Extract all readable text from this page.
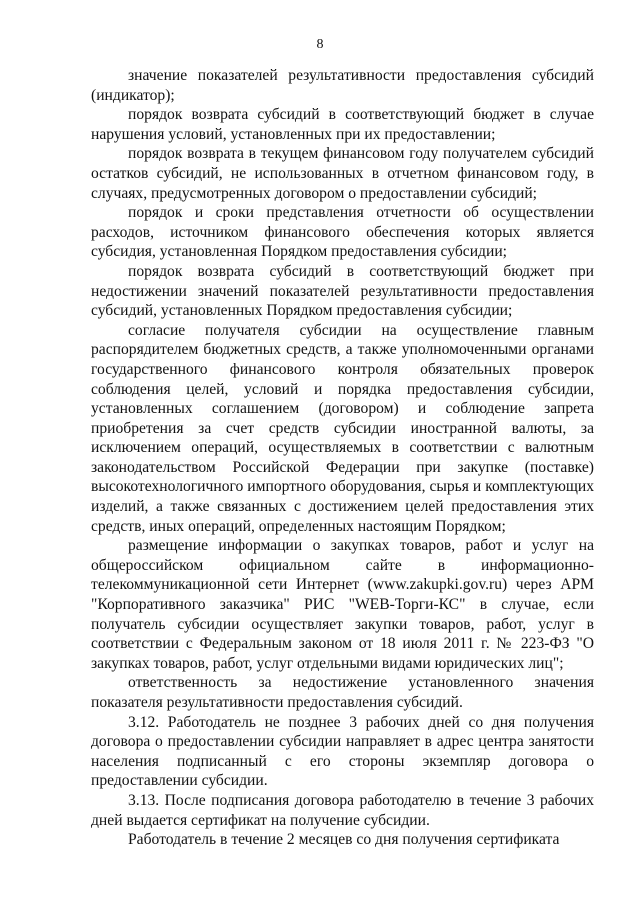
8

значение показателей результативности предоставления субсидий (индикатор);

порядок возврата субсидий в соответствующий бюджет в случае нарушения условий, установленных при их предоставлении;

порядок возврата в текущем финансовом году получателем субсидий остатков субсидий, не использованных в отчетном финансовом году, в случаях, предусмотренных договором о предоставлении субсидий;

порядок и сроки представления отчетности об осуществлении расходов, источником финансового обеспечения которых является субсидия, установленная Порядком предоставления субсидии;

порядок возврата субсидий в соответствующий бюджет при недостижении значений показателей результативности предоставления субсидий, установленных Порядком предоставления субсидии;

согласие получателя субсидии на осуществление главным распорядителем бюджетных средств, а также уполномоченными органами государственного финансового контроля обязательных проверок соблюдения целей, условий и порядка предоставления субсидии, установленных соглашением (договором) и соблюдение запрета приобретения за счет средств субсидии иностранной валюты, за исключением операций, осуществляемых в соответствии с валютным законодательством Российской Федерации при закупке (поставке) высокотехнологичного импортного оборудования, сырья и комплектующих изделий, а также связанных с достижением целей предоставления этих средств, иных операций, определенных настоящим Порядком;

размещение информации о закупках товаров, работ и услуг на общероссийском официальном сайте в информационно-телекоммуникационной сети Интернет (www.zakupki.gov.ru) через АРМ "Корпоративного заказчика" РИС "WEB-Торги-КС" в случае, если получатель субсидии осуществляет закупки товаров, работ, услуг в соответствии с Федеральным законом от 18 июля 2011 г. № 223-ФЗ "О закупках товаров, работ, услуг отдельными видами юридических лиц";

ответственность за недостижение установленного значения показателя результативности предоставления субсидий.

3.12. Работодатель не позднее 3 рабочих дней со дня получения договора о предоставлении субсидии направляет в адрес центра занятости населения подписанный с его стороны экземпляр договора о предоставлении субсидии.

3.13. После подписания договора работодателю в течение 3 рабочих дней выдается сертификат на получение субсидии.

Работодатель в течение 2 месяцев со дня получения сертификата
